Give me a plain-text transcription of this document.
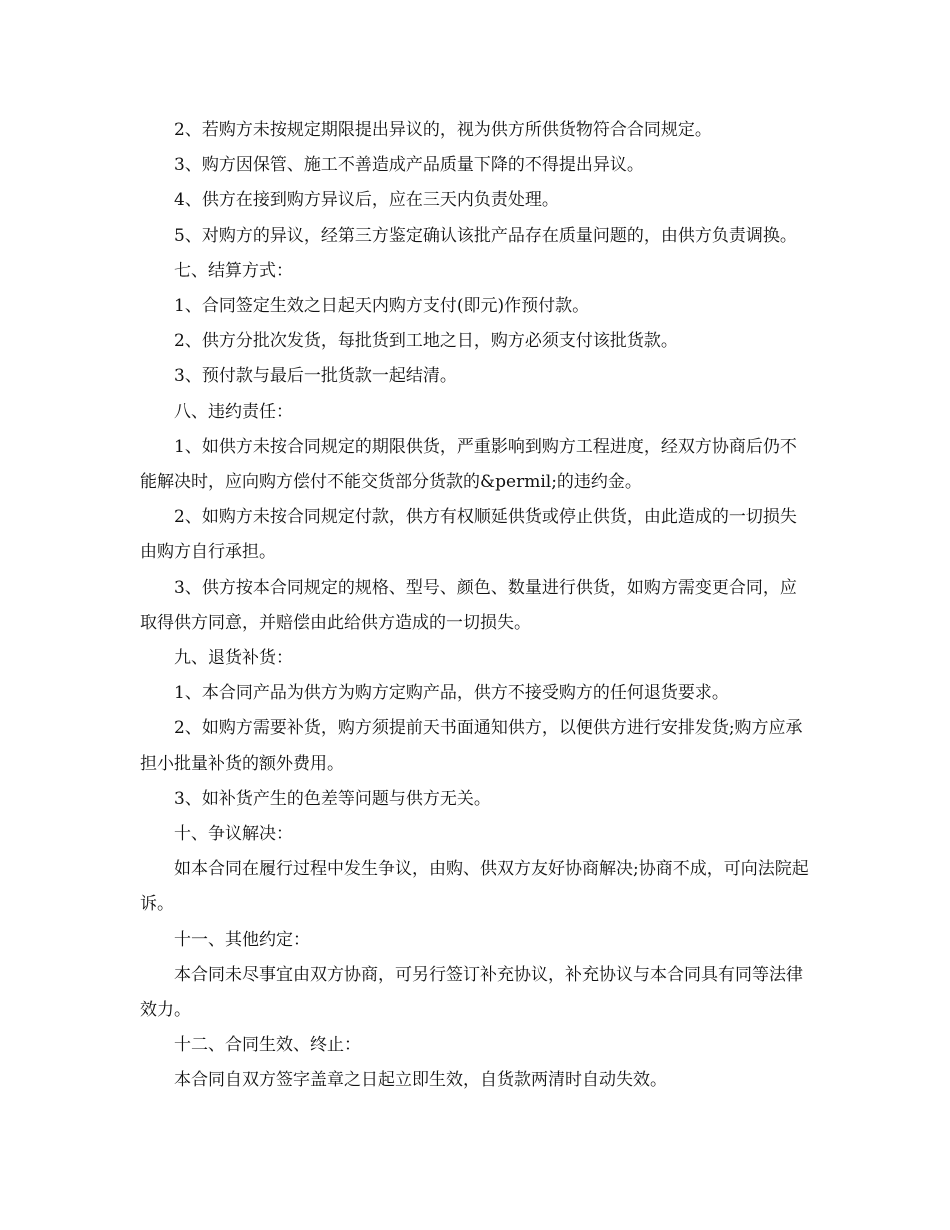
2、若购方未按规定期限提出异议的，视为供方所供货物符合合同规定。

3、购方因保管、施工不善造成产品质量下降的不得提出异议。

4、供方在接到购方异议后，应在三天内负责处理。

5、对购方的异议，经第三方鉴定确认该批产品存在质量问题的，由供方负责调换。

七、结算方式：

1、合同签定生效之日起天内购方支付(即元)作预付款。

2、供方分批次发货，每批货到工地之日，购方必须支付该批货款。

3、预付款与最后一批货款一起结清。

八、违约责任：

1、如供方未按合同规定的期限供货，严重影响到购方工程进度，经双方协商后仍不能解决时，应向购方偿付不能交货部分货款的&permil;的违约金。

2、如购方未按合同规定付款，供方有权顺延供货或停止供货，由此造成的一切损失由购方自行承担。

3、供方按本合同规定的规格、型号、颜色、数量进行供货，如购方需变更合同，应取得供方同意，并赔偿由此给供方造成的一切损失。

九、退货补货：

1、本合同产品为供方为购方定购产品，供方不接受购方的任何退货要求。

2、如购方需要补货，购方须提前天书面通知供方，以便供方进行安排发货;购方应承担小批量补货的额外费用。

3、如补货产生的色差等问题与供方无关。

十、争议解决：

如本合同在履行过程中发生争议，由购、供双方友好协商解决;协商不成，可向法院起诉。

十一、其他约定：

本合同未尽事宜由双方协商，可另行签订补充协议，补充协议与本合同具有同等法律效力。

十二、合同生效、终止：

本合同自双方签字盖章之日起立即生效，自货款两清时自动失效。
